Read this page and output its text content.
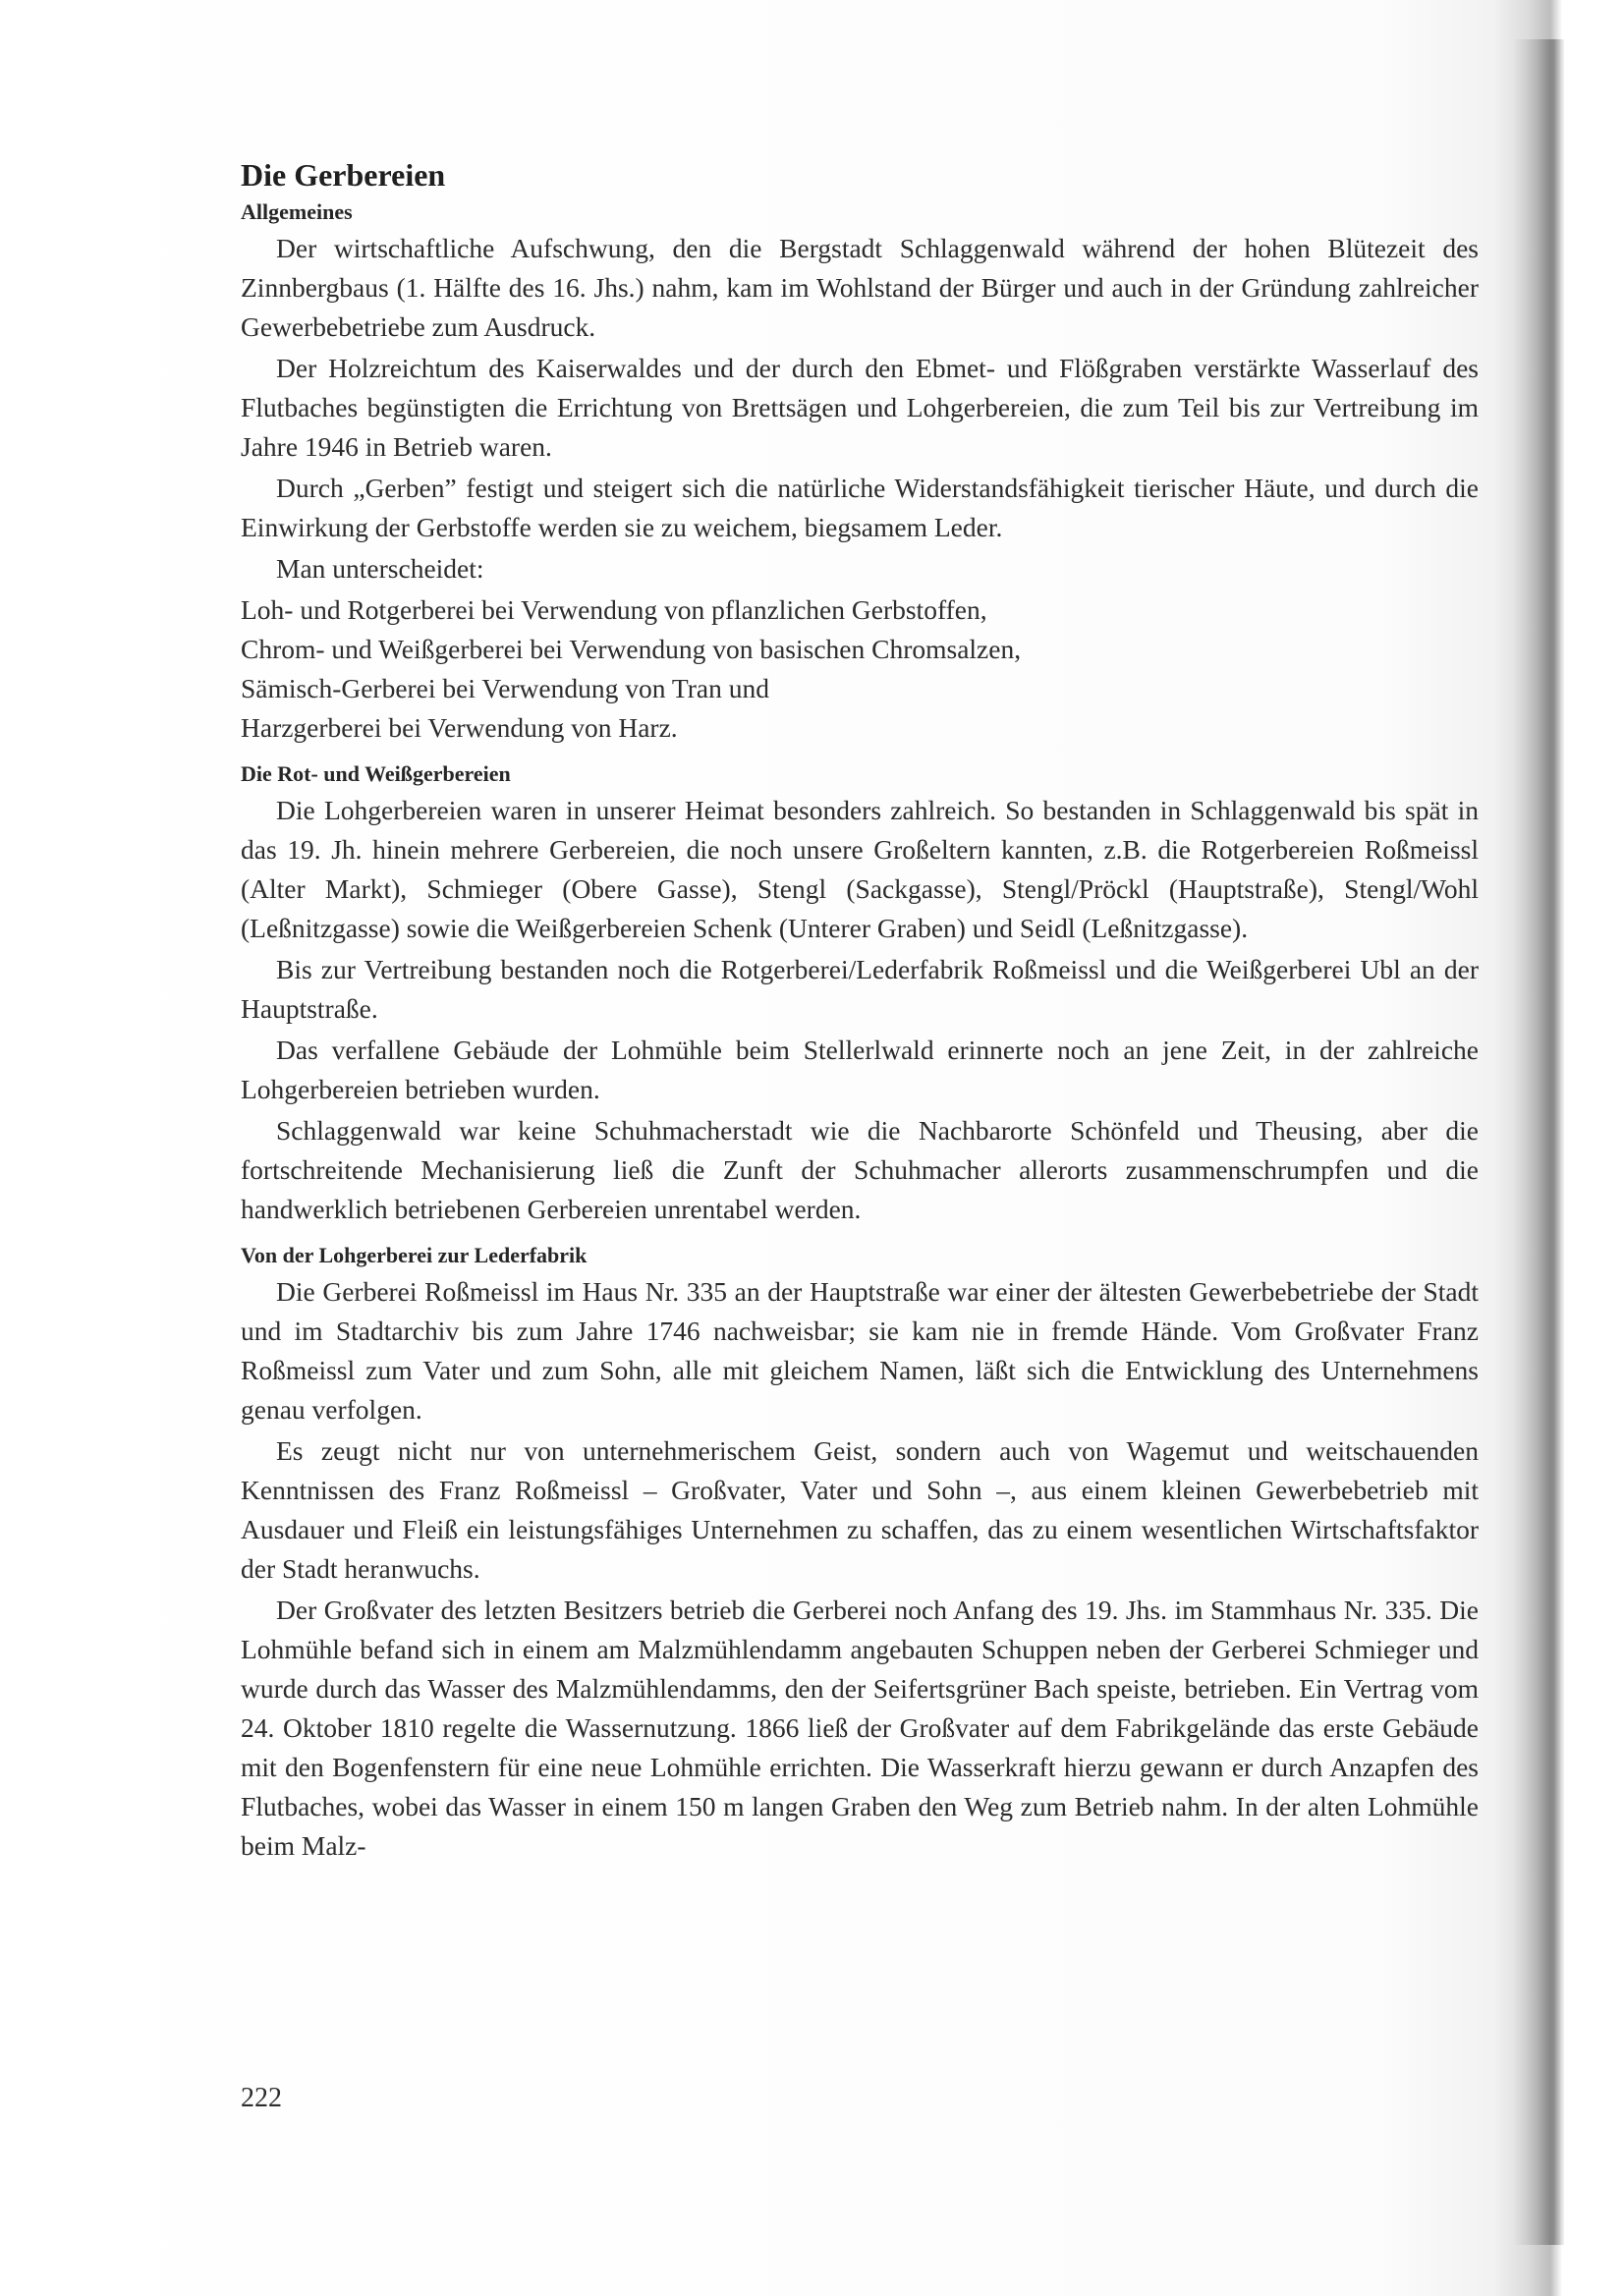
Die Gerbereien
Allgemeines

Der wirtschaftliche Aufschwung, den die Bergstadt Schlaggenwald während der hohen Blütezeit des Zinnbergbaus (1. Hälfte des 16. Jhs.) nahm, kam im Wohlstand der Bürger und auch in der Gründung zahlreicher Gewerbebetriebe zum Ausdruck.

Der Holzreichtum des Kaiserwaldes und der durch den Ebmet- und Flößgraben verstärkte Wasserlauf des Flutbaches begünstigten die Errichtung von Brettsägen und Lohgerbereien, die zum Teil bis zur Vertreibung im Jahre 1946 in Betrieb waren.

Durch „Gerben” festigt und steigert sich die natürliche Widerstandsfähigkeit tierischer Häute, und durch die Einwirkung der Gerbstoffe werden sie zu weichem, biegsamem Leder.

Man unterscheidet:

Loh- und Rotgerberei bei Verwendung von pflanzlichen Gerbstoffen,

Chrom- und Weißgerberei bei Verwendung von basischen Chromsalzen,

Sämisch-Gerberei bei Verwendung von Tran und

Harzgerberei bei Verwendung von Harz.

Die Rot- und Weißgerbereien

Die Lohgerbereien waren in unserer Heimat besonders zahlreich. So bestanden in Schlaggenwald bis spät in das 19. Jh. hinein mehrere Gerbereien, die noch unsere Großeltern kannten, z.B. die Rotgerbereien Roßmeissl (Alter Markt), Schmieger (Obere Gasse), Stengl (Sackgasse), Stengl/Pröckl (Hauptstraße), Stengl/Wohl (Leßnitzgasse) sowie die Weißgerbereien Schenk (Unterer Graben) und Seidl (Leßnitzgasse).

Bis zur Vertreibung bestanden noch die Rotgerberei/Lederfabrik Roßmeissl und die Weißgerberei Ubl an der Hauptstraße.

Das verfallene Gebäude der Lohmühle beim Stellerlwald erinnerte noch an jene Zeit, in der zahlreiche Lohgerbereien betrieben wurden.

Schlaggenwald war keine Schuhmacherstadt wie die Nachbarorte Schönfeld und Theusing, aber die fortschreitende Mechanisierung ließ die Zunft der Schuhmacher allerorts zusammenschrumpfen und die handwerklich betriebenen Gerbereien unrentabel werden.

Von der Lohgerberei zur Lederfabrik

Die Gerberei Roßmeissl im Haus Nr. 335 an der Hauptstraße war einer der ältesten Gewerbebetriebe der Stadt und im Stadtarchiv bis zum Jahre 1746 nachweisbar; sie kam nie in fremde Hände. Vom Großvater Franz Roßmeissl zum Vater und zum Sohn, alle mit gleichem Namen, läßt sich die Entwicklung des Unternehmens genau verfolgen.

Es zeugt nicht nur von unternehmerischem Geist, sondern auch von Wagemut und weitschauenden Kenntnissen des Franz Roßmeissl – Großvater, Vater und Sohn –, aus einem kleinen Gewerbebetrieb mit Ausdauer und Fleiß ein leistungsfähiges Unternehmen zu schaffen, das zu einem wesentlichen Wirtschaftsfaktor der Stadt heranwuchs.

Der Großvater des letzten Besitzers betrieb die Gerberei noch Anfang des 19. Jhs. im Stammhaus Nr. 335. Die Lohmühle befand sich in einem am Malzmühlendamm angebauten Schuppen neben der Gerberei Schmieger und wurde durch das Wasser des Malzmühlendamms, den der Seifertsgrüner Bach speiste, betrieben. Ein Vertrag vom 24. Oktober 1810 regelte die Wassernutzung. 1866 ließ der Großvater auf dem Fabrikgelände das erste Gebäude mit den Bogenfenstern für eine neue Lohmühle errichten. Die Wasserkraft hierzu gewann er durch Anzapfen des Flutbaches, wobei das Wasser in einem 150 m langen Graben den Weg zum Betrieb nahm. In der alten Lohmühle beim Malz-

222
